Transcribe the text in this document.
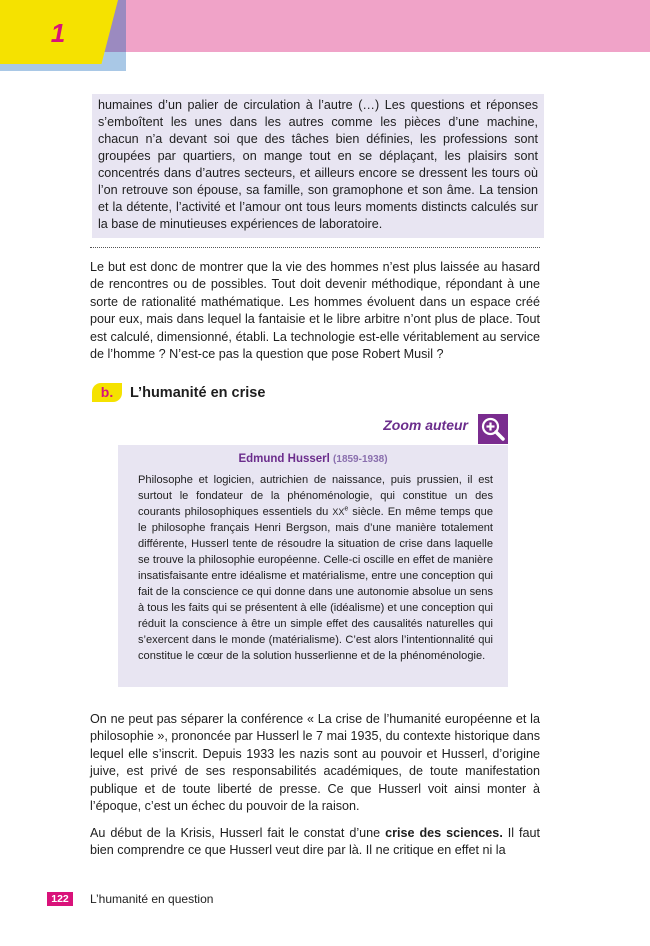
1
humaines d’un palier de circulation à l’autre (…) Les questions et réponses s’emboîtent les unes dans les autres comme les pièces d’une machine, chacun n’a devant soi que des tâches bien définies, les professions sont groupées par quartiers, on mange tout en se déplaçant, les plaisirs sont concentrés dans d’autres secteurs, et ailleurs encore se dressent les tours où l’on retrouve son épouse, sa famille, son gramophone et son âme. La tension et la détente, l’activité et l’amour ont tous leurs moments distincts calculés sur la base de minutieuses expériences de laboratoire.

Le but est donc de montrer que la vie des hommes n’est plus laissée au hasard de rencontres ou de possibles. Tout doit devenir méthodique, répondant à une sorte de rationalité mathématique. Les hommes évoluent dans un espace créé pour eux, mais dans lequel la fantaisie et le libre arbitre n’ont plus de place. Tout est calculé, dimensionné, établi. La technologie est-elle véritablement au service de l’homme ? N’est-ce pas la question que pose Robert Musil ?

b.	L’humanité en crise
Zoom auteur
Edmund Husserl (1859-1938)

Philosophe et logicien, autrichien de naissance, puis prussien, il est surtout le fondateur de la phénoménologie, qui constitue un des courants philosophiques essentiels du XXe siècle. En même temps que le philosophe français Henri Bergson, mais d’une manière totalement différente, Husserl tente de résoudre la situation de crise dans laquelle se trouve la philosophie européenne. Celle-ci oscille en effet de manière insatisfaisante entre idéalisme et matérialisme, entre une conception qui fait de la conscience ce qui donne dans une autonomie absolue un sens à tous les faits qui se présentent à elle (idéalisme) et une conception qui réduit la conscience à être un simple effet des causalités naturelles qui s’exercent dans le monde (matérialisme). C’est alors l’intentionnalité qui constitue le cœur de la solution husserlienne et de la phénoménologie.

On ne peut pas séparer la conférence « La crise de l’humanité européenne et la philosophie », prononcée par Husserl le 7 mai 1935, du contexte historique dans lequel elle s’inscrit. Depuis 1933 les nazis sont au pouvoir et Husserl, d’origine juive, est privé de ses responsabilités académiques, de toute manifestation publique et de toute liberté de presse. Ce que Husserl voit ainsi monter à l’époque, c’est un échec du pouvoir de la raison.

Au début de la Krisis, Husserl fait le constat d’une crise des sciences. Il faut bien comprendre ce que Husserl veut dire par là. Il ne critique en effet ni la

122	L’humanité en question
